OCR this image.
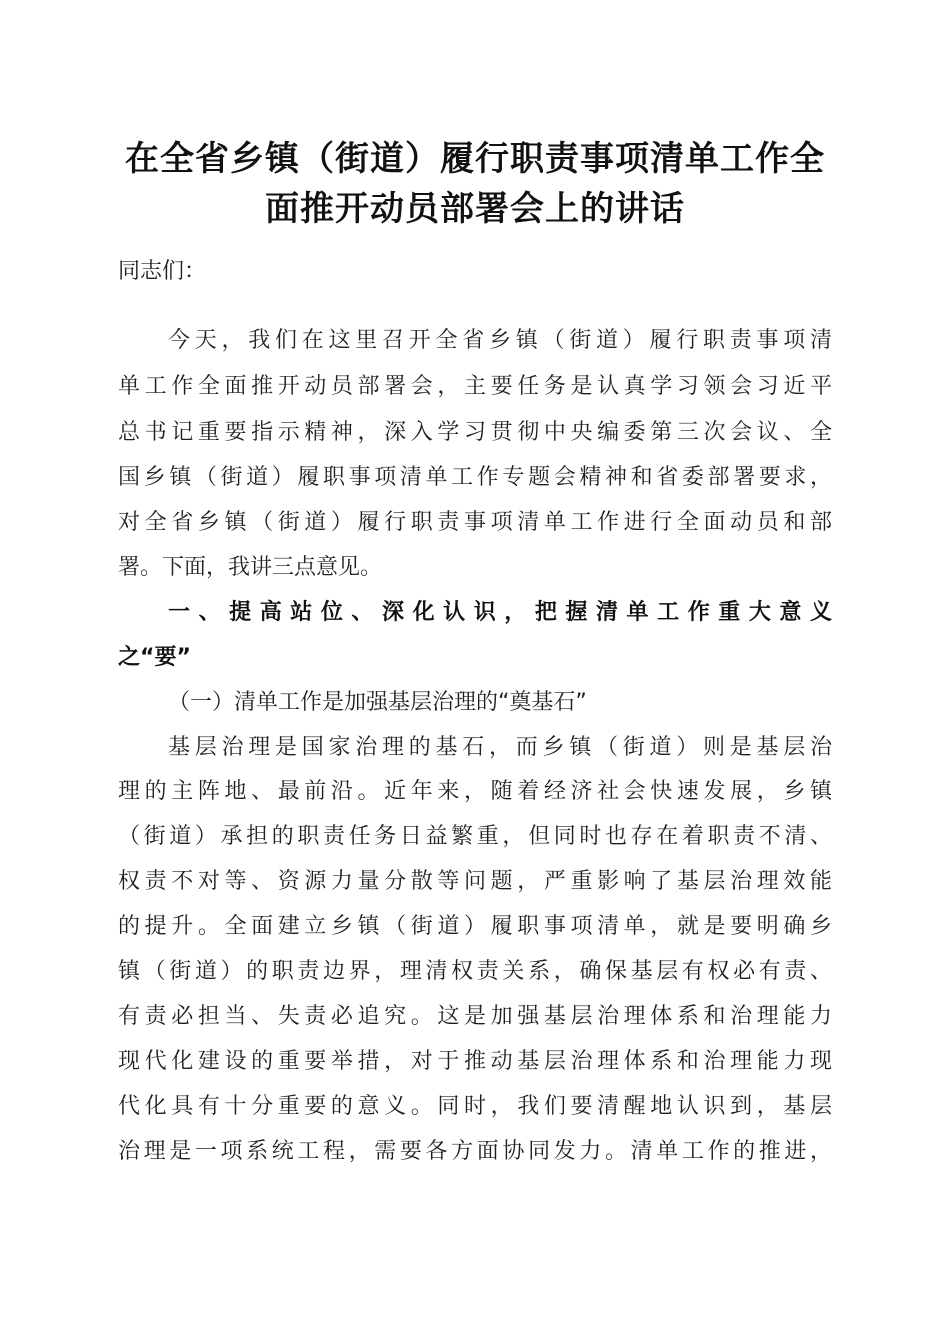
在全省乡镇（街道）履行职责事项清单工作全
面推开动员部署会上的讲话
同志们：
今天，我们在这里召开全省乡镇（街道）履行职责事项清
单工作全面推开动员部署会，主要任务是认真学习领会习近平
总书记重要指示精神，深入学习贯彻中央编委第三次会议、全
国乡镇（街道）履职事项清单工作专题会精神和省委部署要求，
对全省乡镇（街道）履行职责事项清单工作进行全面动员和部
署。下面，我讲三点意见。
一、提高站位、深化认识，把握清单工作重大意义
之“要”
（一）清单工作是加强基层治理的“奠基石”
基层治理是国家治理的基石，而乡镇（街道）则是基层治
理的主阵地、最前沿。近年来，随着经济社会快速发展，乡镇
（街道）承担的职责任务日益繁重，但同时也存在着职责不清、
权责不对等、资源力量分散等问题，严重影响了基层治理效能
的提升。全面建立乡镇（街道）履职事项清单，就是要明确乡
镇（街道）的职责边界，理清权责关系，确保基层有权必有责、
有责必担当、失责必追究。这是加强基层治理体系和治理能力
现代化建设的重要举措，对于推动基层治理体系和治理能力现
代化具有十分重要的意义。同时，我们要清醒地认识到，基层
治理是一项系统工程，需要各方面协同发力。清单工作的推进，
